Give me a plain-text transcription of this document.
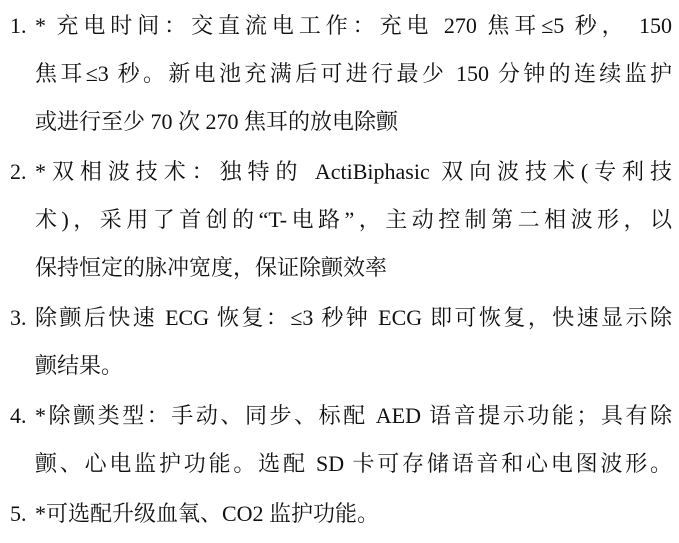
1. * 充电时间：交直流电工作：充电 270 焦耳≤5 秒， 150

焦耳≤3 秒。新电池充满后可进行最少 150 分钟的连续监护

或进行至少 70 次 270 焦耳的放电除颤

2. *双相波技术：独特的 ActiBiphasic 双向波技术(专利技

术)，采用了首创的“T-电路”，主动控制第二相波形，以

保持恒定的脉冲宽度，保证除颤效率

3. 除颤后快速 ECG 恢复：≤3 秒钟 ECG 即可恢复，快速显示除

颤结果。

4. *除颤类型：手动、同步、标配 AED 语音提示功能；具有除

颤、心电监护功能。选配 SD 卡可存储语音和心电图波形。

5. *可选配升级血氧、CO2 监护功能。
